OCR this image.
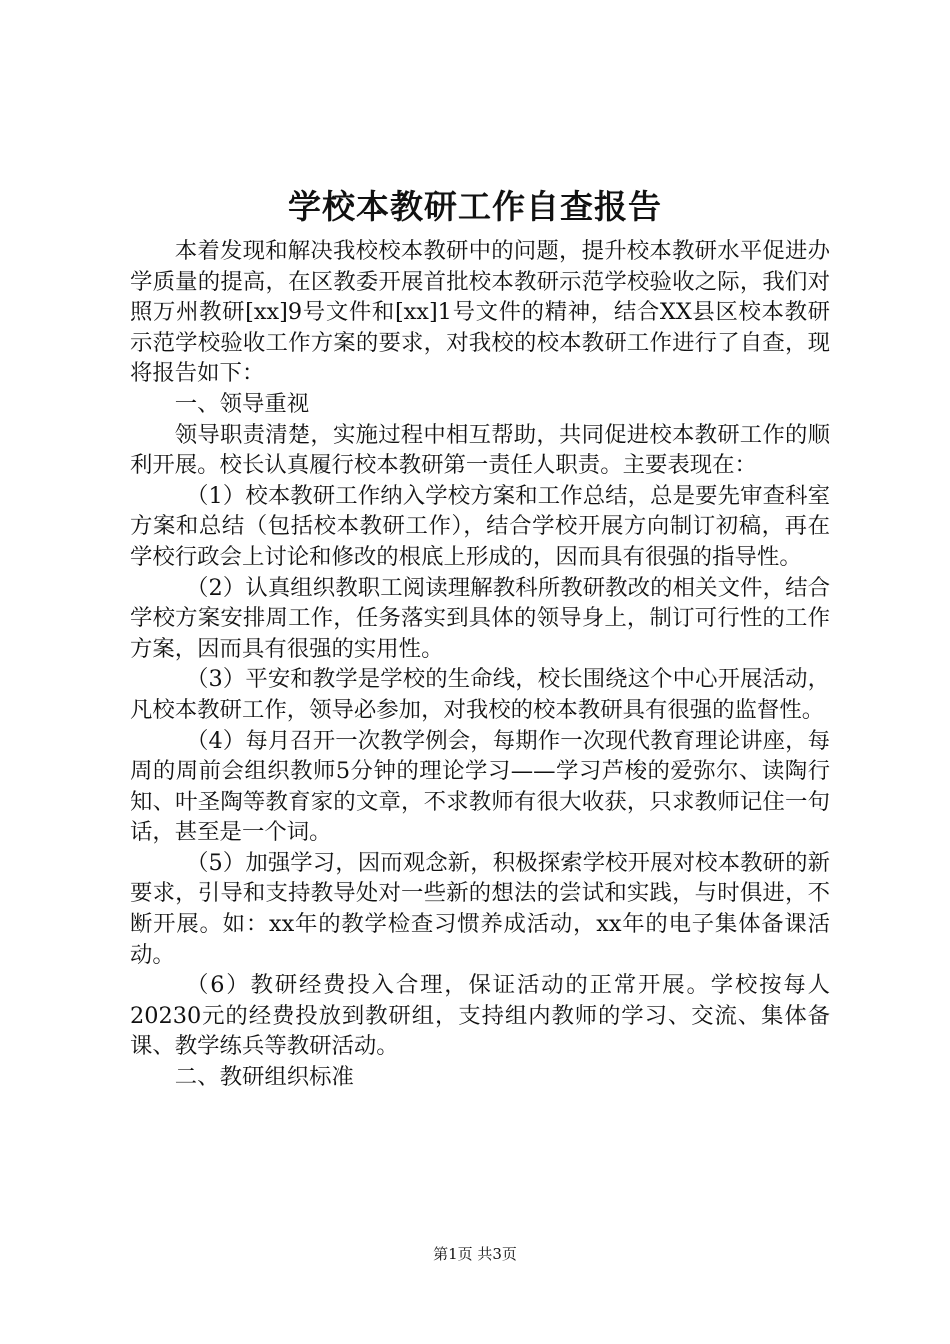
学校本教研工作自查报告

本着发现和解决我校校本教研中的问题，提升校本教研水平促进办学质量的提高，在区教委开展首批校本教研示范学校验收之际，我们对照万州教研[xx]9号文件和[xx]1号文件的精神，结合XX县区校本教研示范学校验收工作方案的要求，对我校的校本教研工作进行了自查，现将报告如下：

一、领导重视

领导职责清楚，实施过程中相互帮助，共同促进校本教研工作的顺利开展。校长认真履行校本教研第一责任人职责。主要表现在：

（1）校本教研工作纳入学校方案和工作总结，总是要先审查科室方案和总结（包括校本教研工作），结合学校开展方向制订初稿，再在学校行政会上讨论和修改的根底上形成的，因而具有很强的指导性。

（2）认真组织教职工阅读理解教科所教研教改的相关文件，结合学校方案安排周工作，任务落实到具体的领导身上，制订可行性的工作方案，因而具有很强的实用性。

（3）平安和教学是学校的生命线，校长围绕这个中心开展活动，凡校本教研工作，领导必参加，对我校的校本教研具有很强的监督性。

（4）每月召开一次教学例会，每期作一次现代教育理论讲座，每周的周前会组织教师5分钟的理论学习——学习芦梭的爱弥尔、读陶行知、叶圣陶等教育家的文章，不求教师有很大收获，只求教师记住一句话，甚至是一个词。

（5）加强学习，因而观念新，积极探索学校开展对校本教研的新要求，引导和支持教导处对一些新的想法的尝试和实践，与时俱进，不断开展。如：xx年的教学检查习惯养成活动，xx年的电子集体备课活动。

（6）教研经费投入合理，保证活动的正常开展。学校按每人20230元的经费投放到教研组，支持组内教师的学习、交流、集体备课、教学练兵等教研活动。

二、教研组织标准

第1页 共3页
